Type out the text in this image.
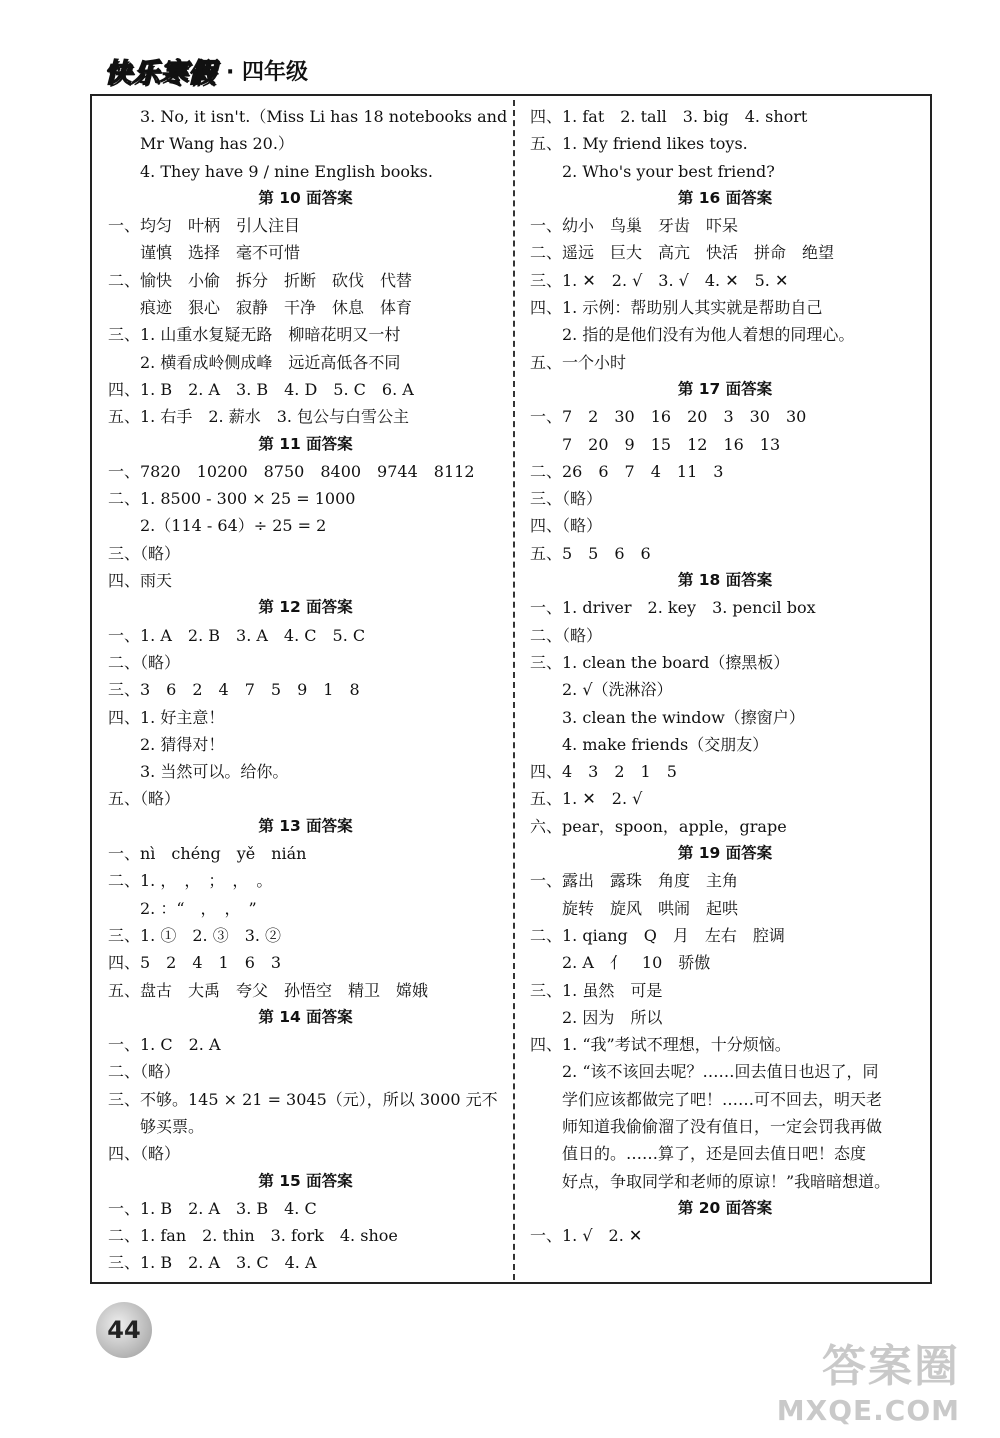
快乐寒假 · 四年级
3. No, it isn't.（Miss Li has 18 notebooks and
Mr Wang has 20.）
4. They have 9 / nine English books.
第 10 面答案
一、均匀　叶柄　引人注目
谨慎　选择　毫不可惜
二、愉快　小偷　拆分　折断　砍伐　代替
痕迹　狠心　寂静　干净　休息　体育
三、1. 山重水复疑无路　柳暗花明又一村
2. 横看成岭侧成峰　远近高低各不同
四、1. B　2. A　3. B　4. D　5. C　6. A
五、1. 右手　2. 薪水　3. 包公与白雪公主
第 11 面答案
一、7820　10200　8750　8400　9744　8112
二、1. 8500 - 300 × 25 = 1000
2.（114 - 64）÷ 25 = 2
三、（略）
四、雨天
第 12 面答案
一、1. A　2. B　3. A　4. C　5. C
二、（略）
三、3　6　2　4　7　5　9　1　8
四、1. 好主意！
2. 猜得对！
3. 当然可以。给你。
五、（略）
第 13 面答案
一、nì　chéng　yě　nián
二、1. ，　，　；　，　。
2. ：“　，　，　”
三、1. ①　2. ③　3. ②
四、5　2　4　1　6　3
五、盘古　大禹　夸父　孙悟空　精卫　嫦娥
第 14 面答案
一、1. C　2. A
二、（略）
三、不够。145 × 21 = 3045（元），所以 3000 元不
够买票。
四、（略）
第 15 面答案
一、1. B　2. A　3. B　4. C
二、1. fan　2. thin　3. fork　4. shoe
三、1. B　2. A　3. C　4. A
四、1. fat　2. tall　3. big　4. short
五、1. My friend likes toys.
2. Who's your best friend?
第 16 面答案
一、幼小　鸟巢　牙齿　吓呆
二、遥远　巨大　高亢　快活　拼命　绝望
三、1. ✕　2. √　3. √　4. ✕　5. ✕
四、1. 示例：帮助别人其实就是帮助自己
2. 指的是他们没有为他人着想的同理心。
五、一个小时
第 17 面答案
一、7　2　30　16　20　3　30　30
7　20　9　15　12　16　13
二、26　6　7　4　11　3
三、（略）
四、（略）
五、5　5　6　6
第 18 面答案
一、1. driver　2. key　3. pencil box
二、（略）
三、1. clean the board（擦黑板）
2. √（洗淋浴）
3. clean the window（擦窗户）
4. make friends（交朋友）
四、4　3　2　1　5
五、1. ✕　2. √
六、pear，spoon，apple，grape
第 19 面答案
一、露出　露珠　角度　主角
旋转　旋风　哄闹　起哄
二、1. qiang　Q　月　左右　腔调
2. A　亻　10　骄傲
三、1. 虽然　可是
2. 因为　所以
四、1. “我”考试不理想，十分烦恼。
2. “该不该回去呢？……回去值日也迟了，同
学们应该都做完了吧！……可不回去，明天老
师知道我偷偷溜了没有值日，一定会罚我再做
值日的。……算了，还是回去值日吧！态度
好点，争取同学和老师的原谅！”我暗暗想道。
第 20 面答案
一、1. √　2. ✕
44
答案圈
MXQE.COM
